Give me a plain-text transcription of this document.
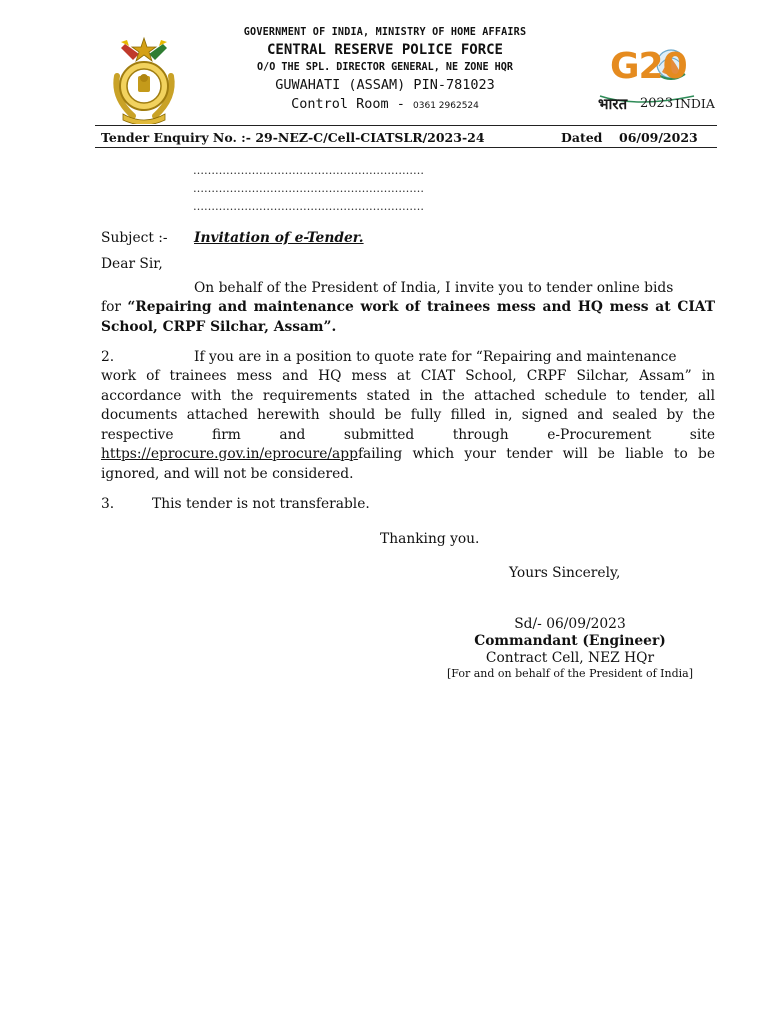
G20
भारत 2023 INDIA
GOVERNMENT OF INDIA, MINISTRY OF HOME AFFAIRS
CENTRAL RESERVE POLICE FORCE
O/O THE SPL. DIRECTOR GENERAL, NE ZONE HQR
GUWAHATI (ASSAM) PIN-781023
Control Room - 0361 2962524
Tender Enquiry No. :- 29-NEZ-C/Cell-CIATSLR/2023-24	Dated 06/09/2023
………………………………………………………
………………………………………………………
………………………………………………………
Subject :- Invitation of e-Tender.
Dear Sir,
On behalf of the President of India, I invite you to tender online bids
for “Repairing and maintenance work of trainees mess and HQ mess at CIAT School, CRPF Silchar, Assam”.
2.	If you are in a position to quote rate for “Repairing and maintenance
work of trainees mess and HQ mess at CIAT School, CRPF Silchar, Assam” in accordance with the requirements stated in the attached schedule to tender, all documents attached herewith should be fully filled in, signed and sealed by the respective firm and submitted through e-Procurement site https://eprocure.gov.in/eprocure/appfailing which your tender will be liable to be ignored, and will not be considered.
3.	This tender is not transferable.
Thanking you.
Yours Sincerely,
Sd/- 06/09/2023
Commandant (Engineer)
Contract Cell, NEZ HQr
[For and on behalf of the President of India]
